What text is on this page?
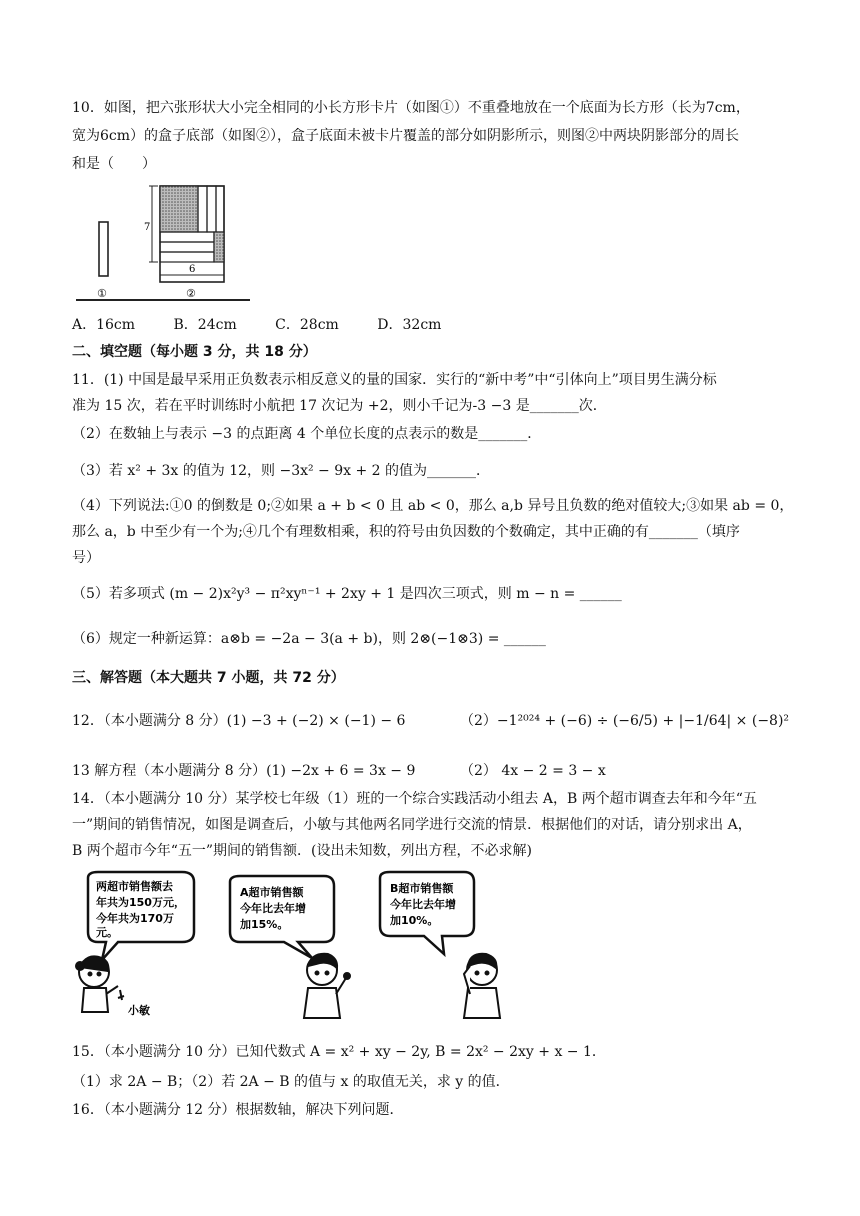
10．如图，把六张形状大小完全相同的小长方形卡片（如图①）不重叠地放在一个底面为长方形（长为7cm，
宽为6cm）的盒子底部（如图②），盒子底面未被卡片覆盖的部分如阴影所示，则图②中两块阴影部分的周长
和是（　　）
7
6
①	②
A．16cm	B．24cm	C．28cm	D．32cm
二、填空题（每小题 3 分，共 18 分）
11．(1) 中国是最早采用正负数表示相反意义的量的国家．实行的“新中考”中“引体向上”项目男生满分标
准为 15 次，若在平时训练时小航把 17 次记为 +2，则小千记为-3 −3 是_______次．
（2）在数轴上与表示 −3 的点距离 4 个单位长度的点表示的数是_______．
（3）若 x² + 3x 的值为 12，则 −3x² − 9x + 2 的值为_______．
（4）下列说法:①0 的倒数是 0;②如果 a + b < 0 且 ab < 0，那么 a,b 异号且负数的绝对值较大;③如果 ab = 0，
那么 a，b 中至少有一个为;④几个有理数相乘，积的符号由负因数的个数确定，其中正确的有_______（填序
号）
（5）若多项式 (m − 2)x²y³ − π²xyⁿ⁻¹ + 2xy + 1 是四次三项式，则 m − n = ______
（6）规定一种新运算：a⊗b = −2a − 3(a + b)，则 2⊗(−1⊗3) = ______
三、解答题（本大题共 7 小题，共 72 分）
12．（本小题满分 8 分）(1) −3 + (−2) × (−1) − 6	（2）−1²⁰²⁴ + (−6) ÷ (−6/5) + |−1/64| × (−8)²
13 解方程（本小题满分 8 分）(1) −2x + 6 = 3x − 9	（2） 4x − 2 = 3 − x
14．（本小题满分 10 分）某学校七年级（1）班的一个综合实践活动小组去 A，B 两个超市调查去年和今年“五
一”期间的销售情况，如图是调查后，小敏与其他两名同学进行交流的情景．根据他们的对话，请分别求出 A，
B 两个超市今年“五一”期间的销售额．(设出未知数，列出方程，不必求解)
两超市销售额去
年共为150万元，
今年共为170万
元。
A超市销售额
今年比去年增
加15%。
B超市销售额
今年比去年增
加10%。
小敏
15．（本小题满分 10 分）已知代数式 A = x² + xy − 2y, B = 2x² − 2xy + x − 1．
（1）求 2A − B；（2）若 2A − B 的值与 x 的取值无关，求 y 的值．
16．（本小题满分 12 分）根据数轴，解决下列问题．
